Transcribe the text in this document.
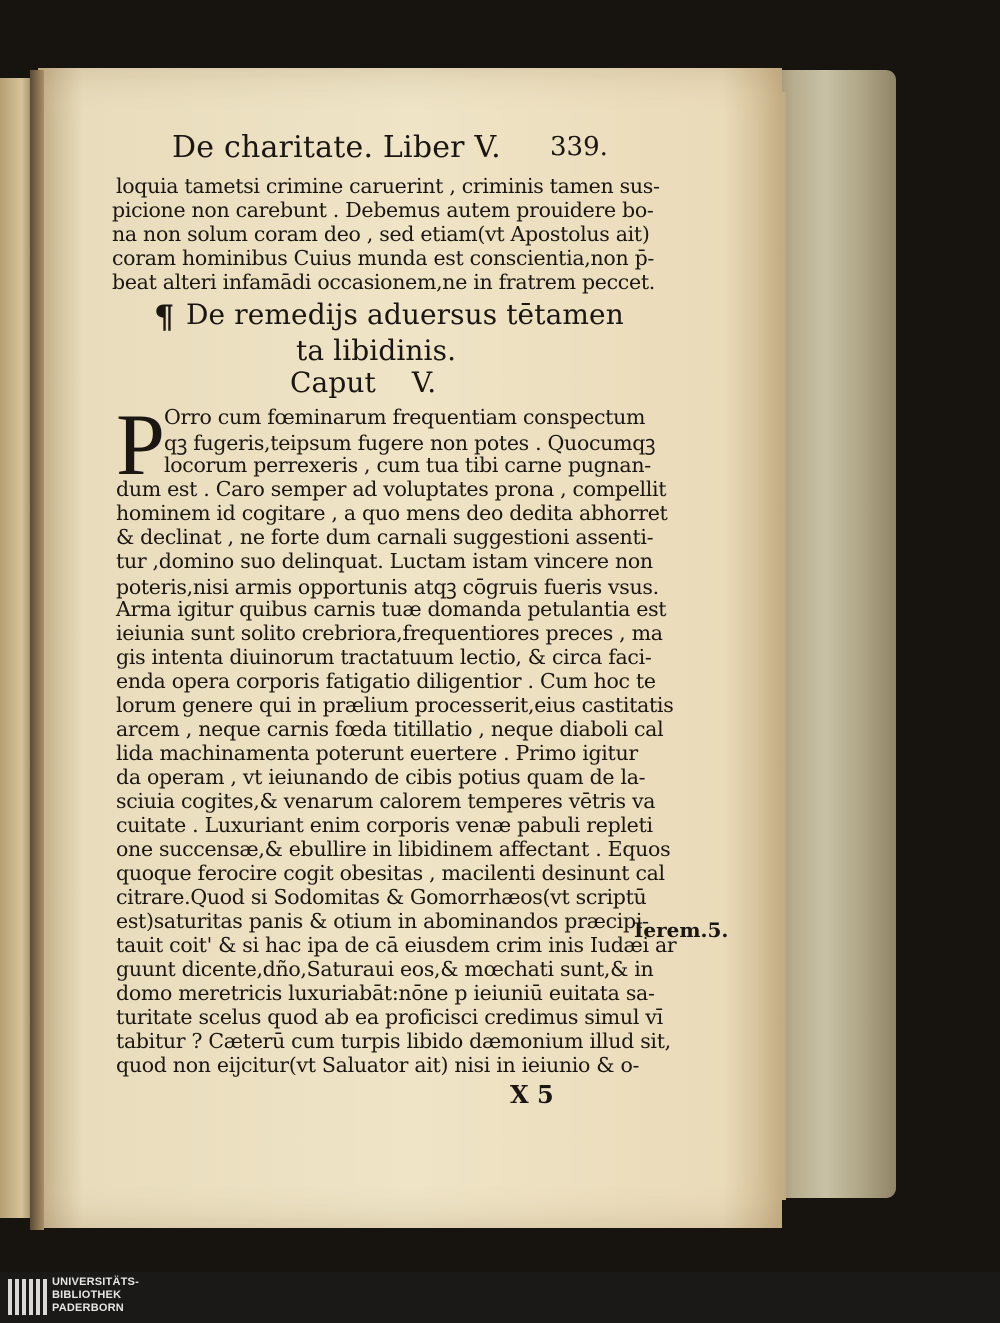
De charitate. Liber V. 339.
loquia tametsi crimine caruerint , criminis tamen sus-
picione non carebunt . Debemus autem prouidere bo-
na non solum coram deo , sed etiam(vt Apostolus ait)
coram hominibus Cuius munda est conscientia,non p̄-
beat alteri infamādi occasionem,ne in fratrem peccet.
¶ De remedijs aduersus tētamen
ta libidinis.
Caput    V.
P Orro cum fœminarum frequentiam conspectum
qꝫ fugeris,teipsum fugere non potes . Quocumqꝫ
locorum perrexeris , cum tua tibi carne pugnan-
dum est . Caro semper ad voluptates prona , compellit
hominem id cogitare , a quo mens deo dedita abhorret
& declinat , ne forte dum carnali suggestioni assenti-
tur ,domino suo delinquat. Luctam istam vincere non
poteris,nisi armis opportunis atqꝫ cōgruis fueris vsus.
Arma igitur quibus carnis tuæ domanda petulantia est
ieiunia sunt solito crebriora,frequentiores preces , ma
gis intenta diuinorum tractatuum lectio, & circa faci-
enda opera corporis fatigatio diligentior . Cum hoc te
lorum genere qui in prælium processerit,eius castitatis
arcem , neque carnis fœda titillatio , neque diaboli cal
lida machinamenta poterunt euertere . Primo igitur
da operam , vt ieiunando de cibis potius quam de la-
sciuia cogites,& venarum calorem temperes vētris va
cuitate . Luxuriant enim corporis venæ pabuli repleti
one succensæ,& ebullire in libidinem affectant . Equos
quoque ferocire cogit obesitas , macilenti desinunt cal
citrare.Quod si Sodomitas & Gomorrhæos(vt scriptū
est)saturitas panis & otium in abominandos præcipi-
tauit coit' & si hac ipa de cā eiusdem crim inis Iudæi ar
guunt dicente,dño,Saturaui eos,& mœchati sunt,& in
domo meretricis luxuriabāt:nōne p ieiuniū euitata sa-
turitate scelus quod ab ea proficisci credimus simul vī
tabitur ? Cæterū cum turpis libido dæmonium illud sit,
quod non eijcitur(vt Saluator ait) nisi in ieiunio & o-
Ierem.5.
X 5
UNIVERSITÄTS-
BIBLIOTHEK
PADERBORN
